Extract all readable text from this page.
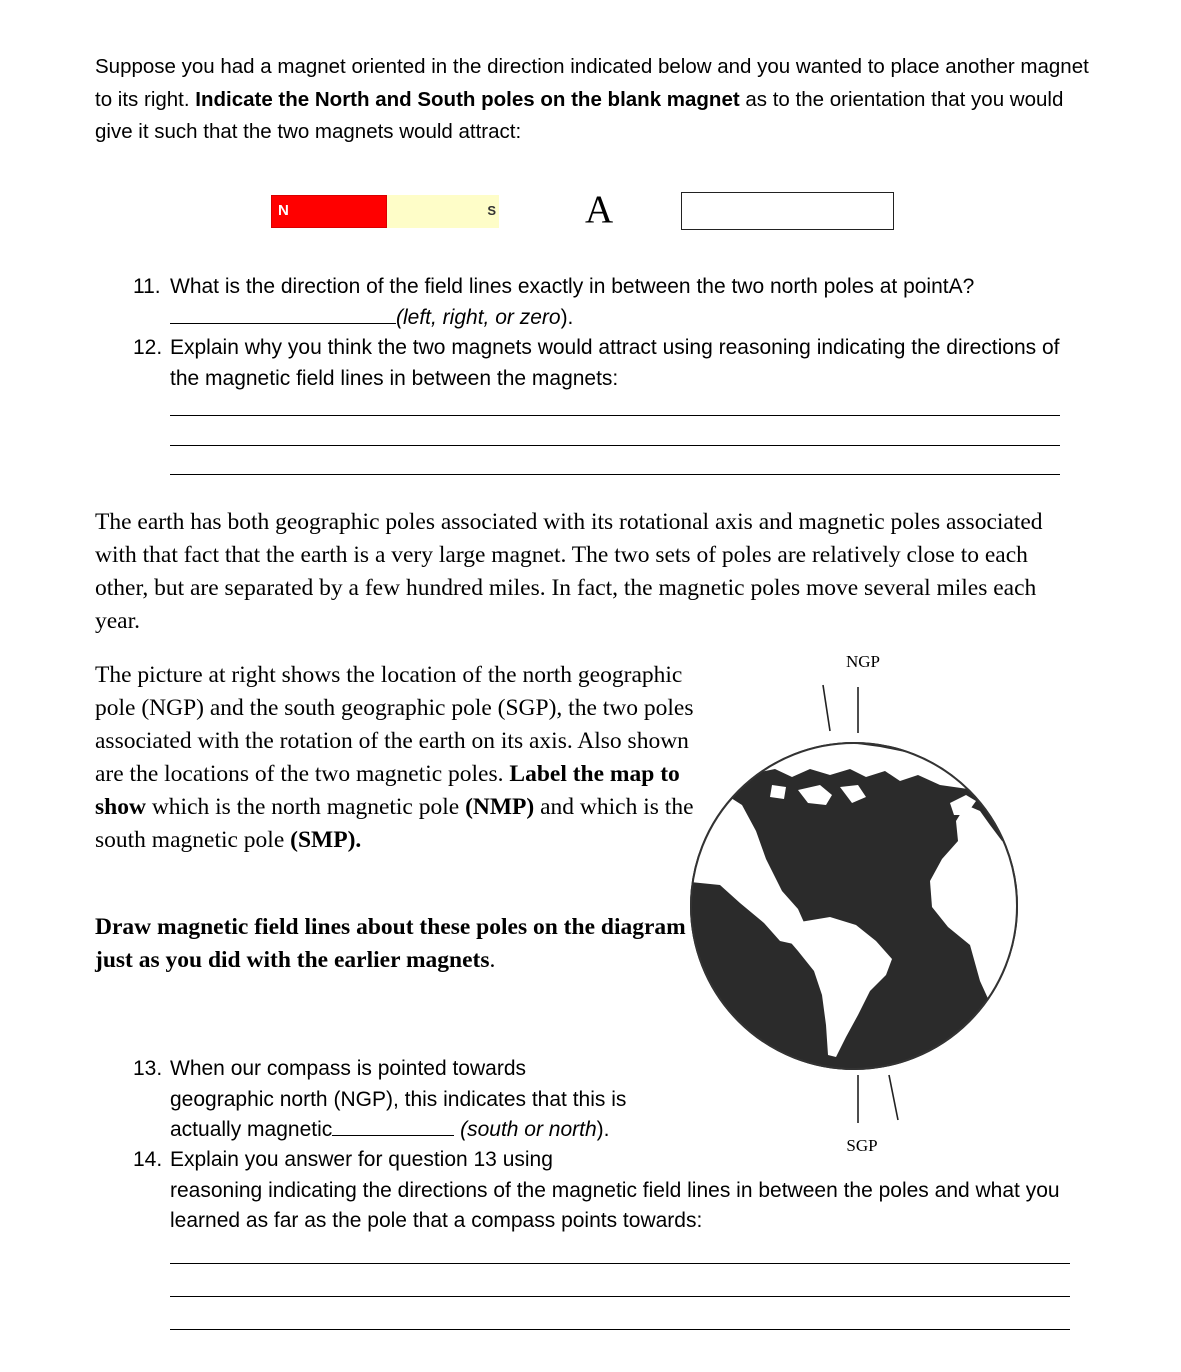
Suppose you had a magnet oriented in the direction indicated below and you wanted to place another magnet to its right. Indicate the North and South poles on the blank magnet as to the orientation that you would give it such that the two magnets would attract:
N	S A
11. What is the direction of the field lines exactly in between the two north poles at pointA?(left, right, or zero).
12. Explain why you think the two magnets would attract using reasoning indicating the directions of the magnetic field lines in between the magnets:
The earth has both geographic poles associated with its rotational axis and magnetic poles associated with that fact that the earth is a very large magnet. The two sets of poles are relatively close to each other, but are separated by a few hundred miles. In fact, the magnetic poles move several miles each year.
The picture at right shows the location of the north geographic pole (NGP) and the south geographic pole (SGP), the two poles associated with the rotation of the earth on its axis. Also shown are the locations of the two magnetic poles. Label the map to show which is the north magnetic pole (NMP) and which is the south magnetic pole (SMP).
Draw magnetic field lines about these poles on the diagram just as you did with the earlier magnets.
NGP
SGP
13. When our compass is pointed towards
geographic north (NGP), this indicates that this is
actually magnetic	(south or north).
14. Explain you answer for question 13 using
reasoning indicating the directions of the magnetic field lines in between the poles and what you learned as far as the pole that a compass points towards:
